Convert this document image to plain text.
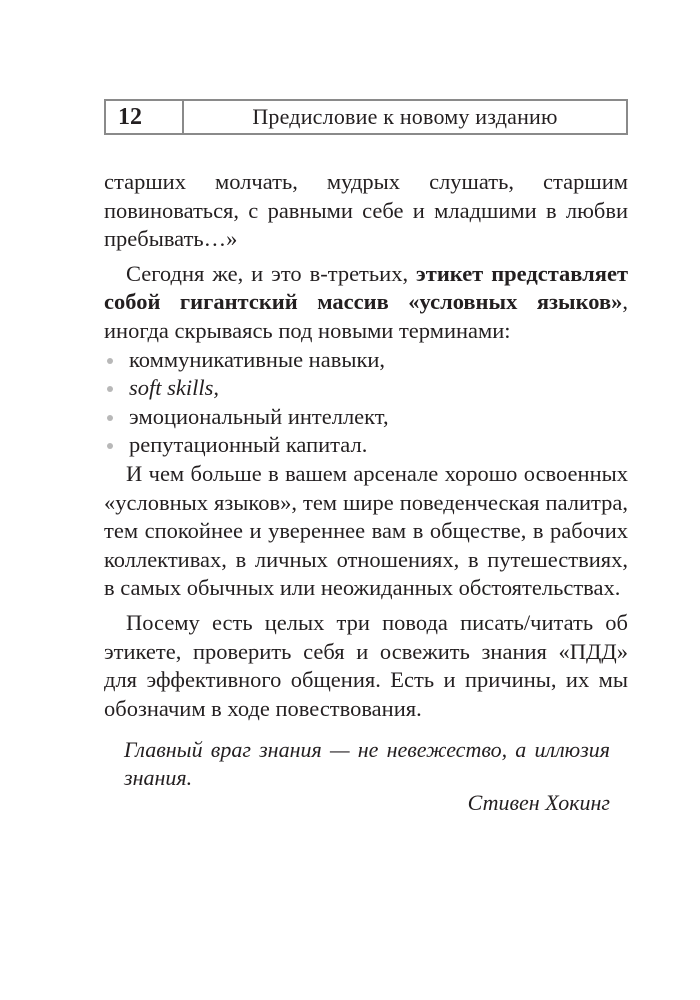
12	Предисловие к новому изданию

старших молчать, мудрых слушать, старшим повиноваться, с равными себе и младшими в любви пребывать…»

Сегодня же, и это в-третьих, этикет представляет собой гигантский массив «условных языков», иногда скрываясь под новыми терминами:

коммуникативные навыки,
soft skills,
эмоциональный интеллект,
репутационный капитал.

И чем больше в вашем арсенале хорошо освоенных «условных языков», тем шире поведенческая палитра, тем спокойнее и увереннее вам в обществе, в рабочих коллективах, в личных отношениях, в путешествиях, в самых обычных или неожиданных обстоятельствах.

Посему есть целых три повода писать/читать об этикете, проверить себя и освежить знания «ПДД» для эффективного общения. Есть и причины, их мы обозначим в ходе повествования.

Главный враг знания — не невежество, а иллюзия знания.
Стивен Хокинг
